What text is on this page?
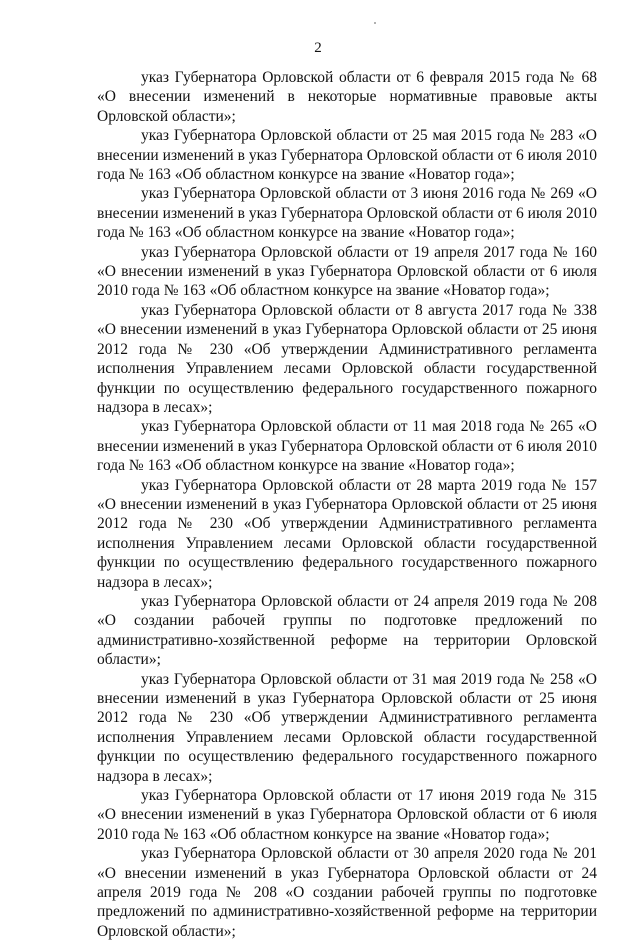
2

указ Губернатора Орловской области от 6 февраля 2015 года № 68 «О внесении изменений в некоторые нормативные правовые акты Орловской области»;

указ Губернатора Орловской области от 25 мая 2015 года № 283 «О внесении изменений в указ Губернатора Орловской области от 6 июля 2010 года № 163 «Об областном конкурсе на звание «Новатор года»;

указ Губернатора Орловской области от 3 июня 2016 года № 269 «О внесении изменений в указ Губернатора Орловской области от 6 июля 2010 года № 163 «Об областном конкурсе на звание «Новатор года»;

указ Губернатора Орловской области от 19 апреля 2017 года № 160 «О внесении изменений в указ Губернатора Орловской области от 6 июля 2010 года № 163 «Об областном конкурсе на звание «Новатор года»;

указ Губернатора Орловской области от 8 августа 2017 года № 338 «О внесении изменений в указ Губернатора Орловской области от 25 июня 2012 года № 230 «Об утверждении Административного регламента исполнения Управлением лесами Орловской области государственной функции по осуществлению федерального государственного пожарного надзора в лесах»;

указ Губернатора Орловской области от 11 мая 2018 года № 265 «О внесении изменений в указ Губернатора Орловской области от 6 июля 2010 года № 163 «Об областном конкурсе на звание «Новатор года»;

указ Губернатора Орловской области от 28 марта 2019 года № 157 «О внесении изменений в указ Губернатора Орловской области от 25 июня 2012 года № 230 «Об утверждении Административного регламента исполнения Управлением лесами Орловской области государственной функции по осуществлению федерального государственного пожарного надзора в лесах»;

указ Губернатора Орловской области от 24 апреля 2019 года № 208 «О создании рабочей группы по подготовке предложений по административно-хозяйственной реформе на территории Орловской области»;

указ Губернатора Орловской области от 31 мая 2019 года № 258 «О внесении изменений в указ Губернатора Орловской области от 25 июня 2012 года № 230 «Об утверждении Административного регламента исполнения Управлением лесами Орловской области государственной функции по осуществлению федерального государственного пожарного надзора в лесах»;

указ Губернатора Орловской области от 17 июня 2019 года № 315 «О внесении изменений в указ Губернатора Орловской области от 6 июля 2010 года № 163 «Об областном конкурсе на звание «Новатор года»;

указ Губернатора Орловской области от 30 апреля 2020 года № 201 «О внесении изменений в указ Губернатора Орловской области от 24 апреля 2019 года № 208 «О создании рабочей группы по подготовке предложений по административно-хозяйственной реформе на территории Орловской области»;
